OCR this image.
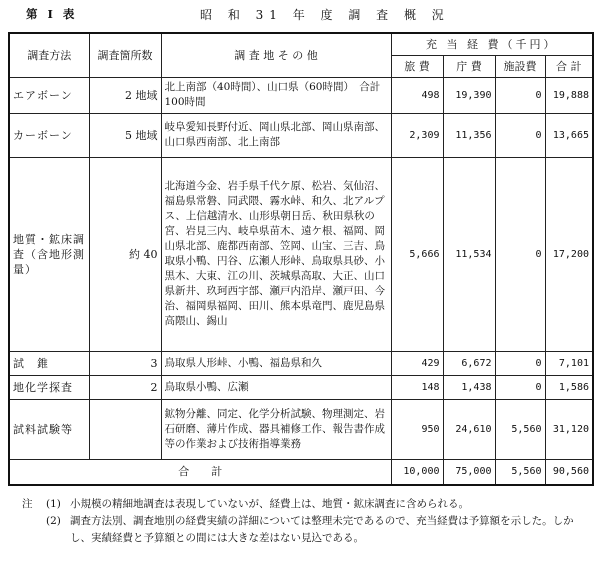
第 Ⅰ 表	昭 和 31 年 度 調 査 概 況
調査方法	調査箇所数	調 査 地 そ の 他	充 当 経 費（千円）			
			旅 費	庁 費	施設費	合 計
エアボーン	2 地域	北上南部（40時間）、山口県（60時間）　合計100時間	498	19,390	0	19,888
カーボーン	5 地域	岐阜愛知長野付近、岡山県北部、岡山県南部、山口県西南部、北上南部	2,309	11,356	0	13,665
地質・鉱床調査（含地形測量）	約 40	北海道今金、岩手県千代ケ原、松岩、気仙沼、福島県常磐、同武隈、霧水峠、和久、北アルプス、上信越清水、山形県朝日岳、秋田県秋の宮、岩見三内、岐阜県苗木、遠ケ根、福岡、岡山県北部、鹿都西南部、笠岡、山宝、三吉、鳥取県小鴨、円谷、広瀬人形峠、鳥取県具砂、小黒木、大東、江の川、茨城県高取、大正、山口県新井、玖珂西宇部、瀬戸内沿岸、瀬戸田、今治、福岡県福岡、田川、熊本県竜門、鹿児島県高隈山、錫山	5,666	11,534	0	17,200
試　錐	3	鳥取県人形峠、小鴨、福島県和久	429	6,672	0	7,101
地化学探査	2	鳥取県小鴨、広瀬	148	1,438	0	1,586
試料試験等		鉱物分離、同定、化学分析試験、物理測定、岩石研磨、薄片作成、器具補修工作、報告書作成等の作業および技術指導業務	950	24,610	5,560	31,120
合　　計			10,000	75,000	5,560	90,560
注	(1) 小規模の精細地調査は表現していないが、経費上は、地質・鉱床調査に含められる。
(2) 調査方法別、調査地別の経費実績の詳細については整理未完であるので、充当経費は予算額を示した。しかし、実績経費と予算額との間には大きな差はない見込である。
